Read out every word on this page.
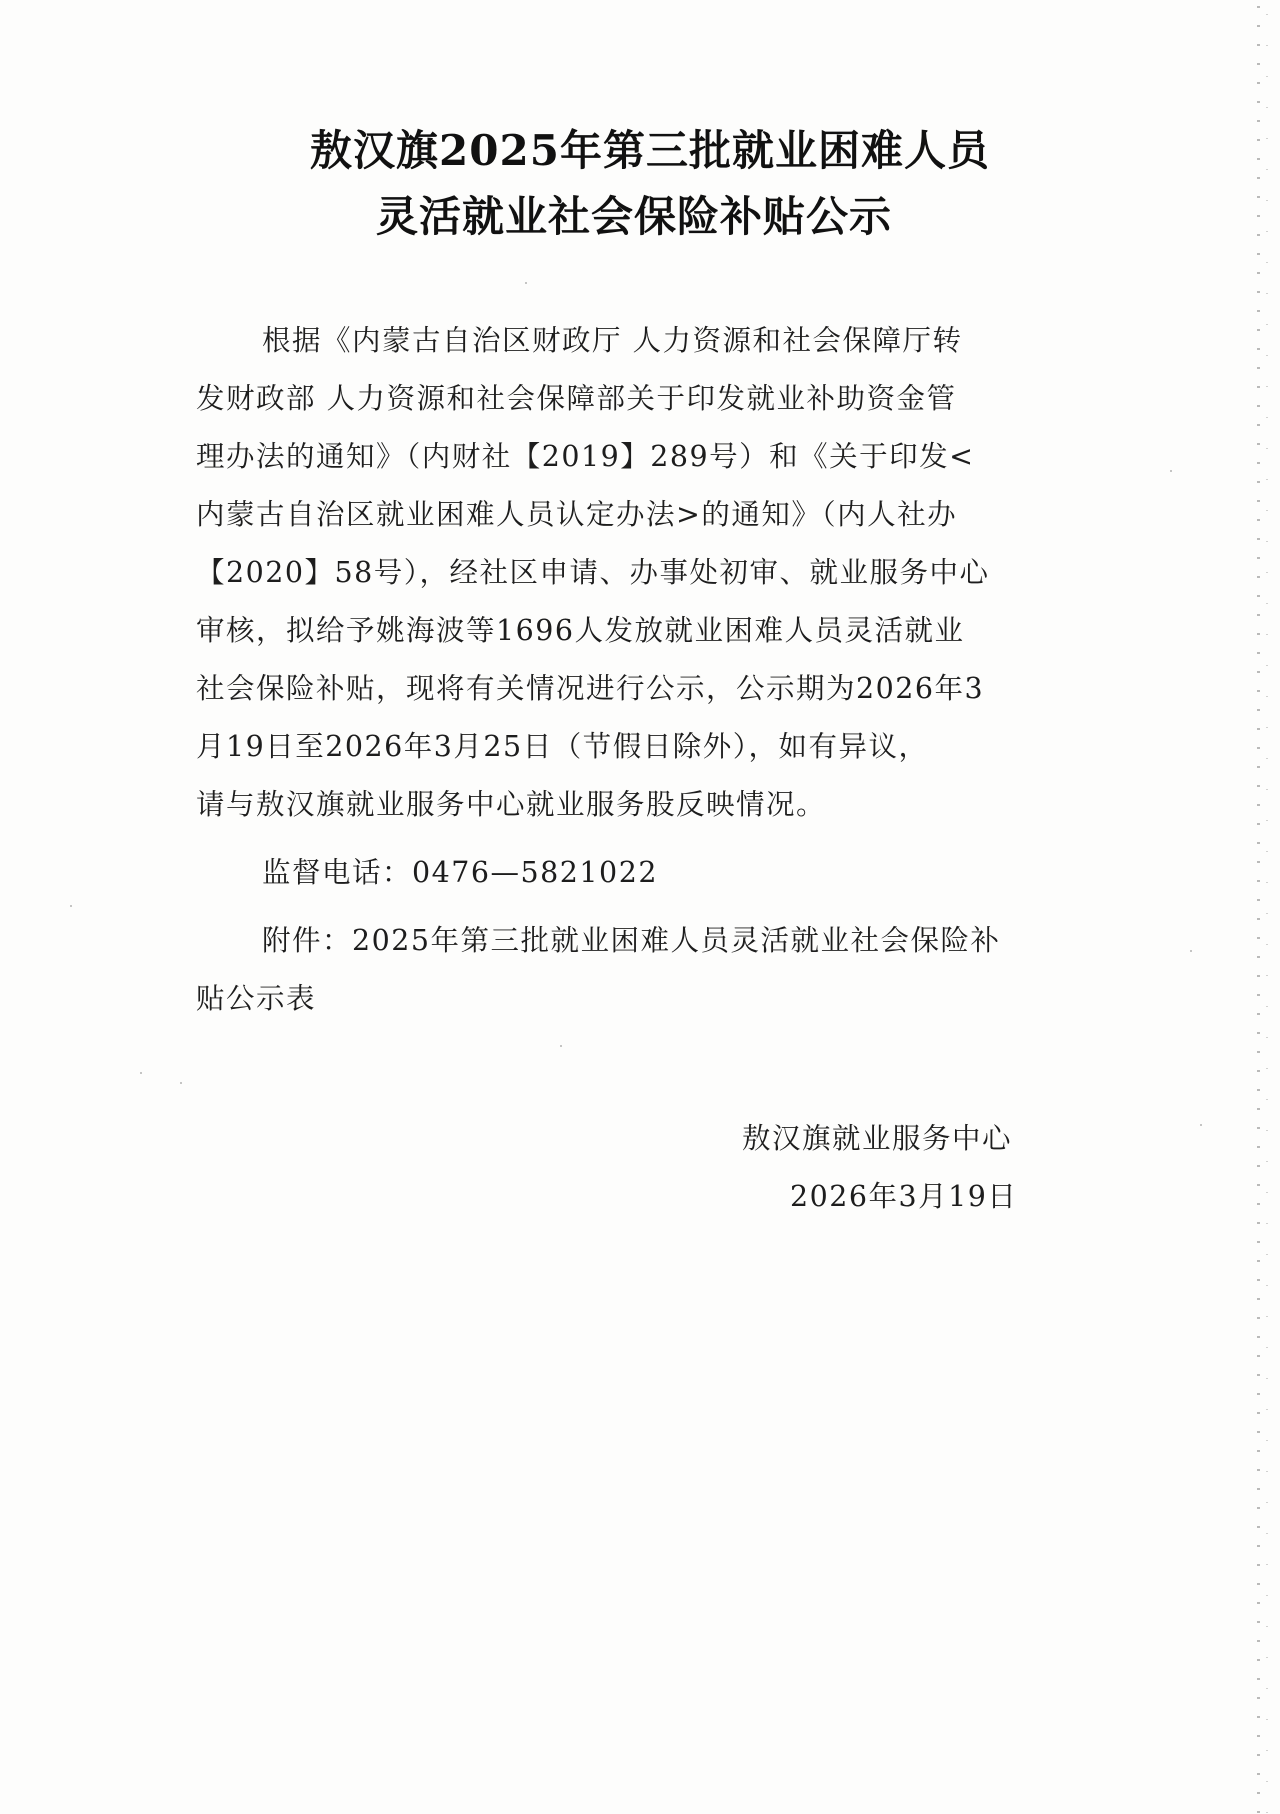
敖汉旗2025年第三批就业困难人员
灵活就业社会保险补贴公示
根据《内蒙古自治区财政厅 人力资源和社会保障厅转
发财政部 人力资源和社会保障部关于印发就业补助资金管
理办法的通知》（内财社【2019】289号）和《关于印发<
内蒙古自治区就业困难人员认定办法>的通知》（内人社办
【2020】58号），经社区申请、办事处初审、就业服务中心
审核，拟给予姚海波等1696人发放就业困难人员灵活就业
社会保险补贴，现将有关情况进行公示，公示期为2026年3
月19日至2026年3月25日（节假日除外），如有异议，
请与敖汉旗就业服务中心就业服务股反映情况。
监督电话：0476—5821022
附件：2025年第三批就业困难人员灵活就业社会保险补
贴公示表
敖汉旗就业服务中心
2026年3月19日
